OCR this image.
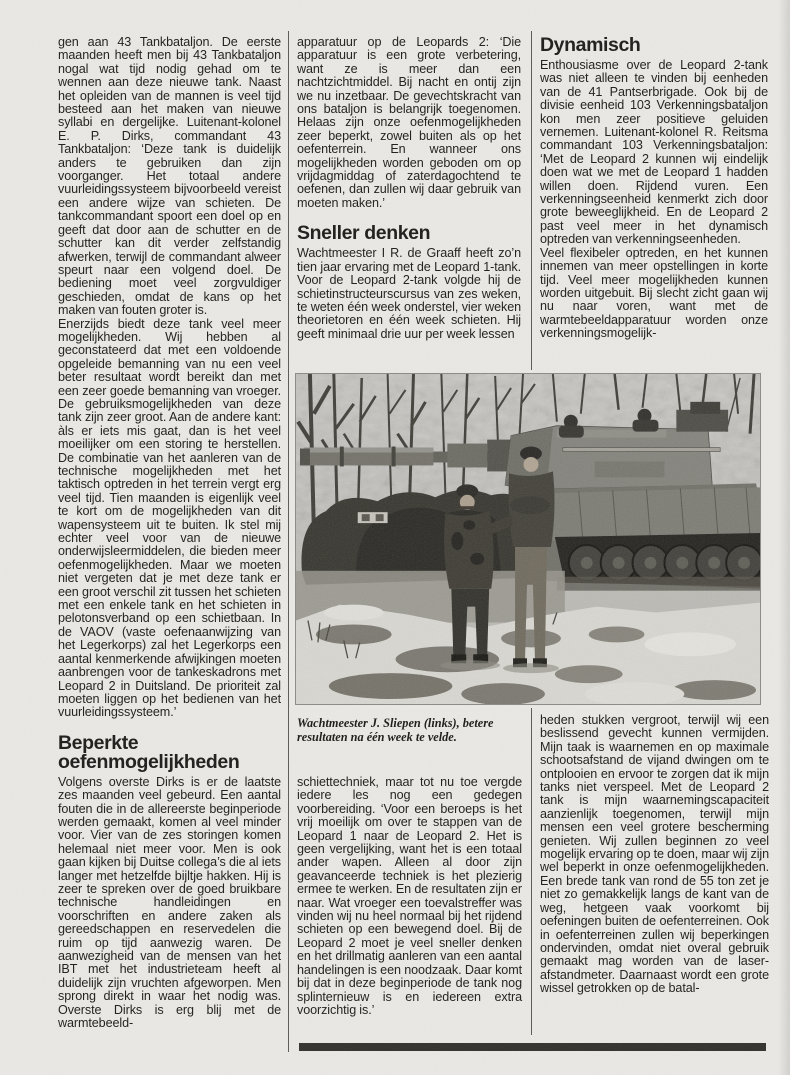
gen aan 43 Tankbataljon. De eerste maanden heeft men bij 43 Tankbataljon nogal wat tijd nodig gehad om te wennen aan deze nieuwe tank. Naast het opleiden van de mannen is veel tijd besteed aan het maken van nieuwe syllabi en dergelijke. Luitenant-kolonel E. P. Dirks, commandant 43 Tankbataljon: ‘Deze tank is duidelijk anders te gebruiken dan zijn voorganger. Het totaal andere vuurleidingssysteem bijvoorbeeld vereist een andere wijze van schieten. De tankcommandant spoort een doel op en geeft dat door aan de schutter en de schutter kan dit verder zelfstandig afwerken, terwijl de commandant alweer speurt naar een volgend doel. De bediening moet veel zorgvuldiger geschieden, omdat de kans op het maken van fouten groter is.

Enerzijds biedt deze tank veel meer mogelijkheden. Wij hebben al geconstateerd dat met een voldoende opgeleide bemanning van nu een veel beter resultaat wordt bereikt dan met een zeer goede bemanning van vroeger. De gebruiksmogelijkheden van deze tank zijn zeer groot. Aan de andere kant: àls er iets mis gaat, dan is het veel moeilijker om een storing te herstellen. De combinatie van het aanleren van de technische mogelijkheden met het taktisch optreden in het terrein vergt erg veel tijd. Tien maanden is eigenlijk veel te kort om de mogelijkheden van dit wapensysteem uit te buiten. Ik stel mij echter veel voor van de nieuwe onderwijsleermiddelen, die bieden meer oefenmogelijkheden. Maar we moeten niet vergeten dat je met deze tank er een groot verschil zit tussen het schieten met een enkele tank en het schieten in pelotonsverband op een schietbaan. In de VAOV (vaste oefenaanwijzing van het Legerkorps) zal het Legerkorps een aantal kenmerkende afwijkingen moeten aanbrengen voor de tankeskadrons met Leopard 2 in Duitsland. De prioriteit zal moeten liggen op het bedienen van het vuurleidingssysteem.’

Beperkte oefenmogelijkheden

Volgens overste Dirks is er de laatste zes maanden veel gebeurd. Een aantal fouten die in de allereerste beginperiode werden gemaakt, komen al veel minder voor. Vier van de zes storingen komen helemaal niet meer voor. Men is ook gaan kijken bij Duitse collega’s die al iets langer met hetzelfde bijltje hakken. Hij is zeer te spreken over de goed bruikbare technische handleidingen en voorschriften en andere zaken als gereedschappen en reservedelen die ruim op tijd aanwezig waren. De aanwezigheid van de mensen van het IBT met het industrieteam heeft al duidelijk zijn vruchten afgeworpen. Men sprong direkt in waar het nodig was. Overste Dirks is erg blij met de warmtebeeld-

apparatuur op de Leopards 2: ‘Die apparatuur is een grote verbetering, want ze is meer dan een nachtzichtmiddel. Bij nacht en ontij zijn we nu inzetbaar. De gevechtskracht van ons bataljon is belangrijk toegenomen. Helaas zijn onze oefenmogelijkheden zeer beperkt, zowel buiten als op het oefenterrein. En wanneer ons mogelijkheden worden geboden om op vrijdagmiddag of zaterdagochtend te oefenen, dan zullen wij daar gebruik van moeten maken.’

Sneller denken

Wachtmeester I R. de Graaff heeft zo’n tien jaar ervaring met de Leopard 1-tank. Voor de Leopard 2-tank volgde hij de schietinstructeurscursus van zes weken, te weten één week onderstel, vier weken theorietoren en één week schieten. Hij geeft minimaal drie uur per week lessen

Dynamisch

Enthousiasme over de Leopard 2-tank was niet alleen te vinden bij eenheden van de 41 Pantserbrigade. Ook bij de divisie eenheid 103 Verkenningsbataljon kon men zeer positieve geluiden vernemen. Luitenant-kolonel R. Reitsma commandant 103 Verkenningsbataljon: ‘Met de Leopard 2 kunnen wij eindelijk doen wat we met de Leopard 1 hadden willen doen. Rijdend vuren. Een verkenningseenheid kenmerkt zich door grote beweeglijkheid. En de Leopard 2 past veel meer in het dynamisch optreden van verkenningseenheden.

Veel flexibeler optreden, en het kunnen innemen van meer opstellingen in korte tijd. Veel meer mogelijkheden kunnen worden uitgebuit. Bij slecht zicht gaan wij nu naar voren, want met de warmtebeeldapparatuur worden onze verkenningsmogelijk-

Wachtmeester J. Sliepen (links), betere resultaten na één week te velde.

schiettechniek, maar tot nu toe vergde iedere les nog een gedegen voorbereiding. ‘Voor een beroeps is het vrij moeilijk om over te stappen van de Leopard 1 naar de Leopard 2. Het is geen vergelijking, want het is een totaal ander wapen. Alleen al door zijn geavanceerde techniek is het plezierig ermee te werken. En de resultaten zijn er naar. Wat vroeger een toevalstreffer was vinden wij nu heel normaal bij het rijdend schieten op een bewegend doel. Bij de Leopard 2 moet je veel sneller denken en het drillmatig aanleren van een aantal handelingen is een noodzaak. Daar komt bij dat in deze beginperiode de tank nog splinternieuw is en iedereen extra voorzichtig is.’

heden stukken vergroot, terwijl wij een beslissend gevecht kunnen vermijden. Mijn taak is waarnemen en op maximale schootsafstand de vijand dwingen om te ontplooien en ervoor te zorgen dat ik mijn tanks niet verspeel. Met de Leopard 2 tank is mijn waarnemingscapaciteit aanzienlijk toegenomen, terwijl mijn mensen een veel grotere bescherming genieten. Wij zullen beginnen zo veel mogelijk ervaring op te doen, maar wij zijn wel beperkt in onze oefenmogelijkheden. Een brede tank van rond de 55 ton zet je niet zo gemakkelijk langs de kant van de weg, hetgeen vaak voorkomt bij oefeningen buiten de oefenterreinen. Ook in oefenterreinen zullen wij beperkingen ondervinden, omdat niet overal gebruik gemaakt mag worden van de laser-afstandmeter. Daarnaast wordt een grote wissel getrokken op de batal-
